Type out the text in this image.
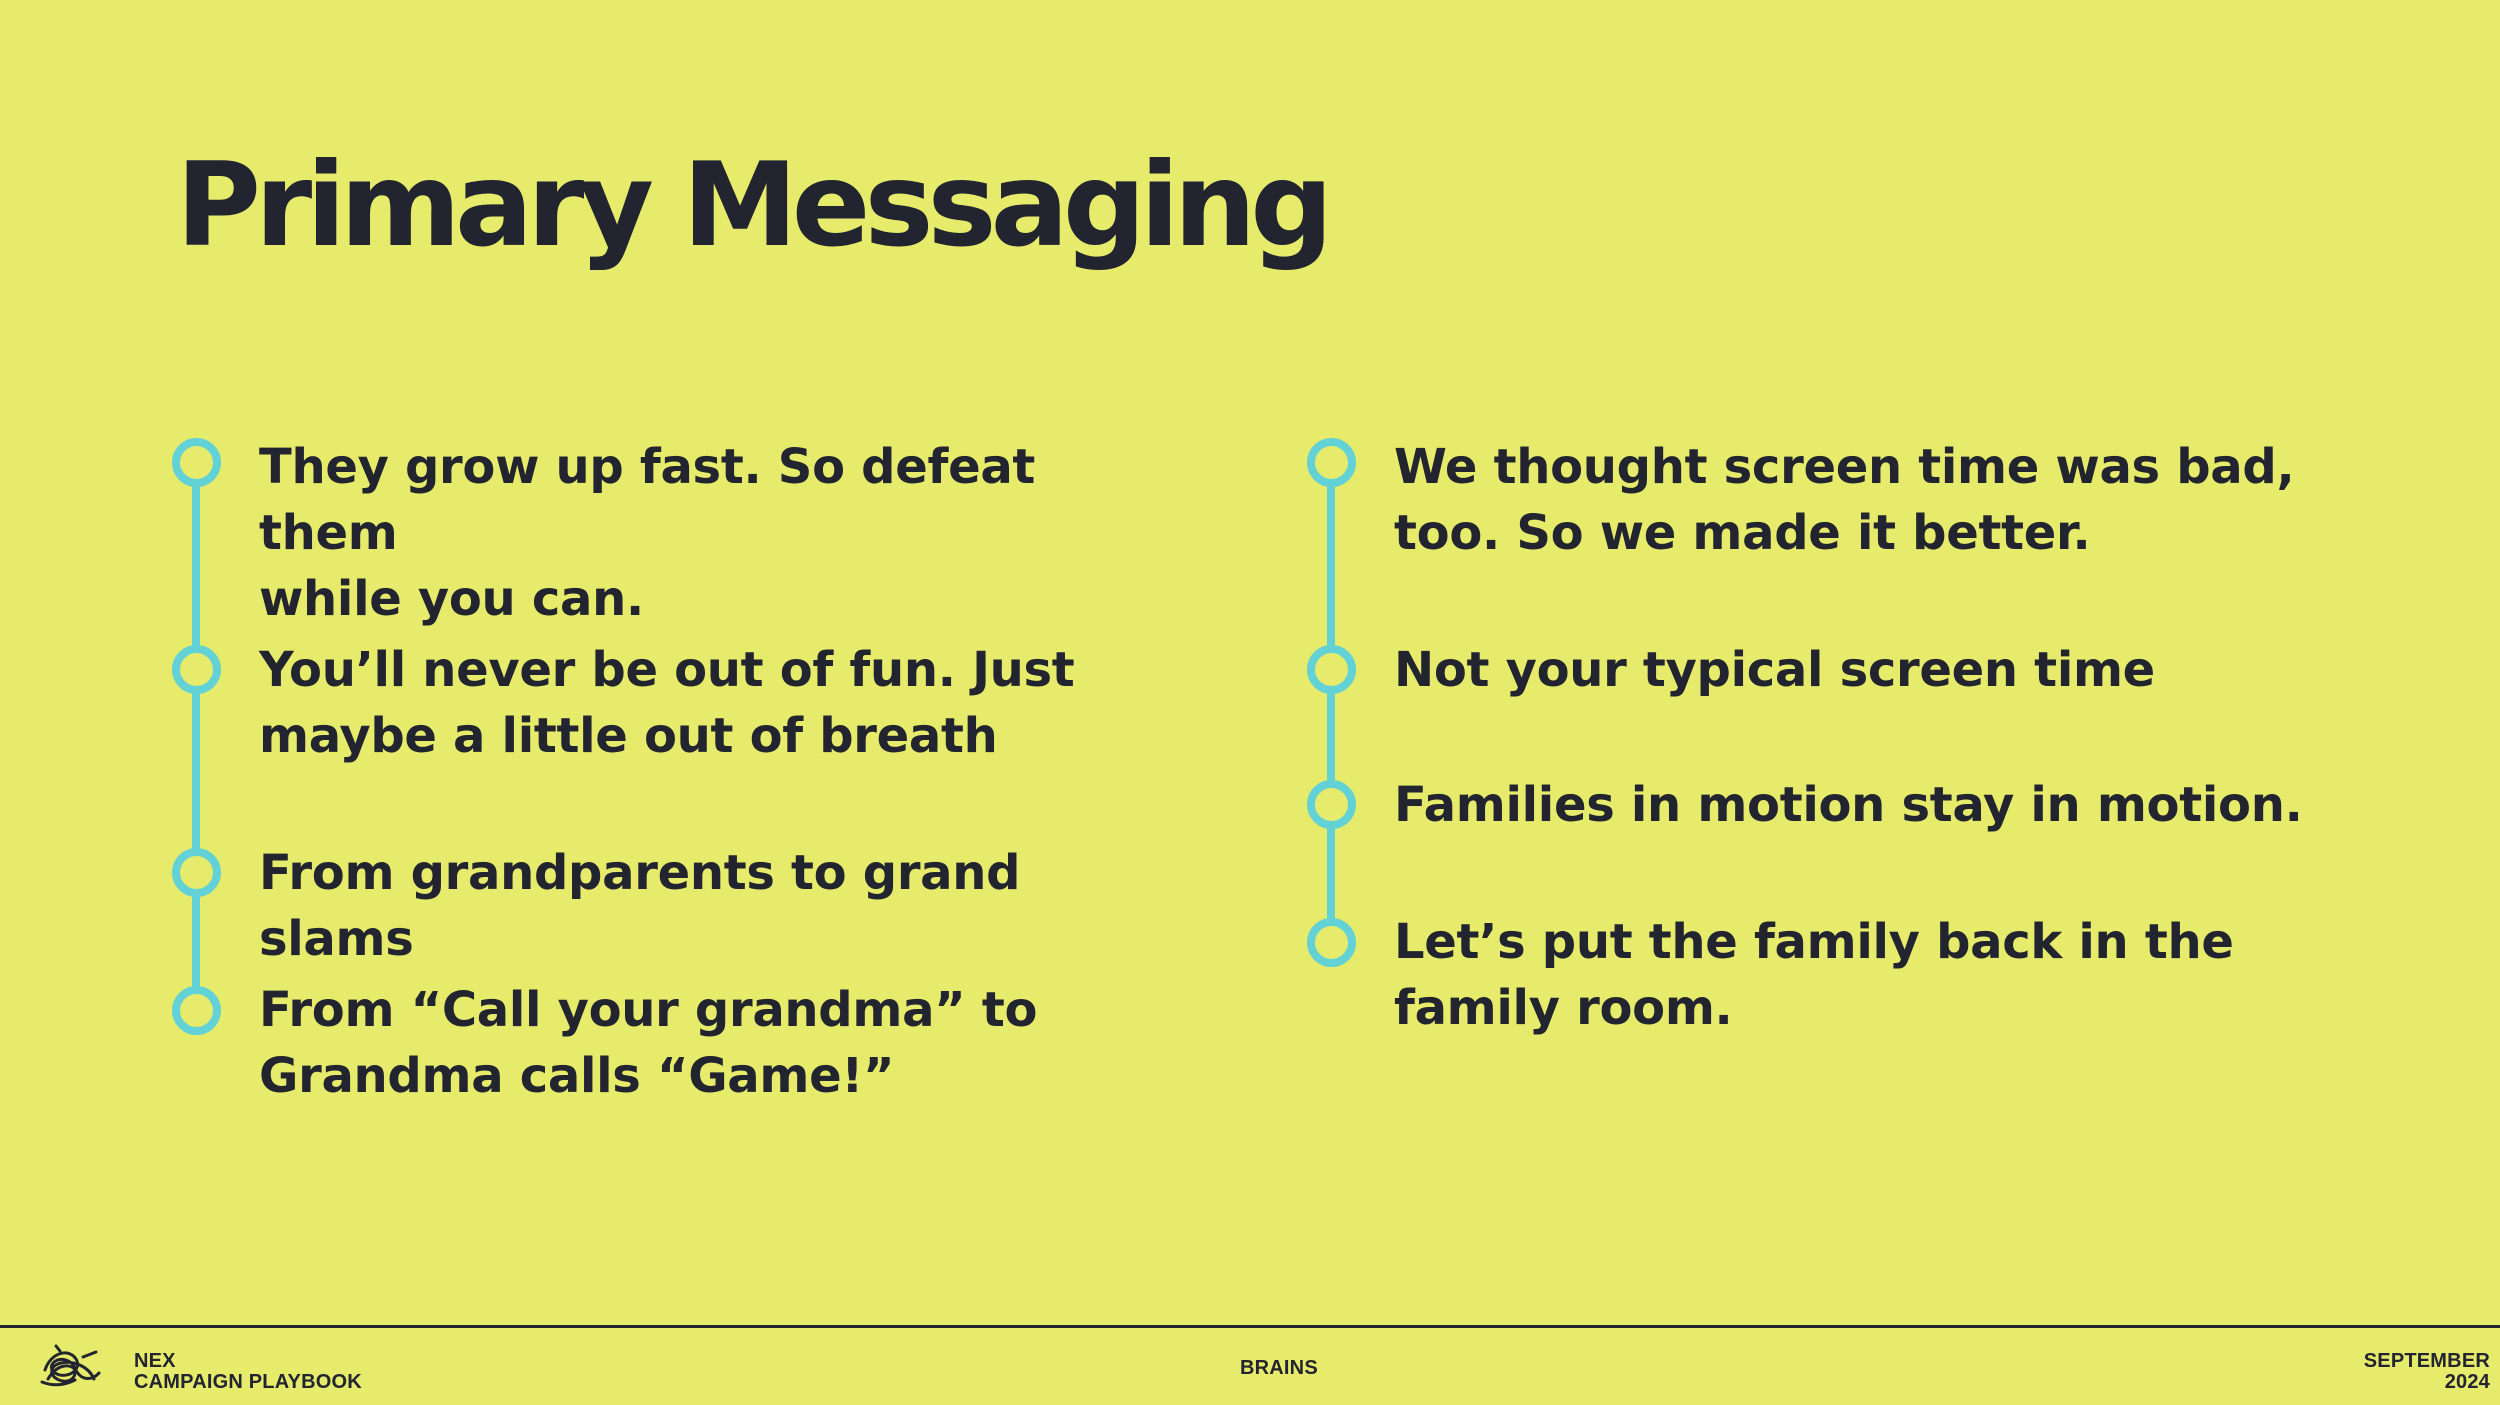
Primary Messaging

They grow up fast. So defeat them
while you can.

You’ll never be out of fun. Just
maybe a little out of breath

From grandparents to grand slams

From “Call your grandma” to
Grandma calls “Game!”

We thought screen time was bad,
too. So we made it better.

Not your typical screen time

Families in motion stay in motion.

Let’s put the family back in the
family room.

NEX
CAMPAIGN PLAYBOOK
BRAINS	SEPTEMBER
2024
